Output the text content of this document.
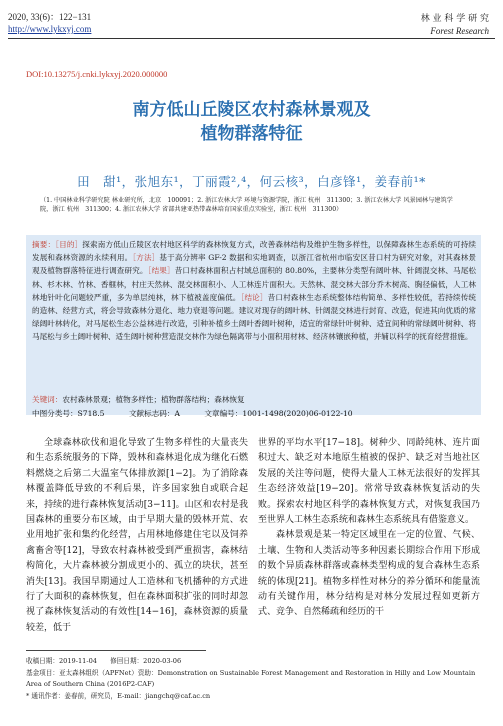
2020, 33(6)：122−131
http://www.lykxyj.com
林 业 科 学 研 究
Forest Research
DOI:10.13275/j.cnki.lykxyj.2020.000000
南方低山丘陵区农村森林景观及
植物群落特征
田　甜¹，张旭东¹，丁丽霞²,⁴，何云核³，白彦锋¹，姜春前¹*
（1. 中国林业科学研究院 林业研究所，北京　100091；2. 浙江农林大学 环境与资源学院，浙江 杭州　311300；3. 浙江农林大学 风景园林与建筑学院，浙江 杭州　311300；4. 浙江农林大学 省部共建亚热带森林培育国家重点实验室，浙江 杭州　311300）
摘要：［目的］探索南方低山丘陵区农村地区科学的森林恢复方式，改善森林结构及维护生物多样性，以保障森林生态系统的可持续发展和森林资源的永续利用。［方法］基于高分辨率 GF-2 数据和实地调查，以浙江省杭州市临安区昔口村为研究对象，对其森林景观及植物群落特征进行调查研究。［结果］昔口村森林面积占村域总面积的 80.80%，主要林分类型有阔叶林、针阔混交林、马尾松林、杉木林、竹林、香榧林，村庄天然林、混交林面积小、人工林连片面积大。天然林、混交林大部分乔木树高、胸径偏低，人工林林地针叶化问题较严重，多为单层纯林，林下植被盖度偏低。［结论］昔口村森林生态系统整体结构简单、多样性较低，若持续传统的造林、经营方式，将会导致森林分退化、地力衰退等问题。建议对现存的阔叶林、针阔混交林进行封育、改造，促进其向优质的常绿阔叶林转化，对马尾松生态公益林进行改造，引种补植乡土阔叶香阔叶树种，适宜的常绿针叶树种、适宜间种的常绿阔叶树种、将马尾松与乡土阔叶树种、适生阔叶树种营造混交林作为绿色隔离带与小面积用材林、经济林镶嵌种植，并辅以科学的抚育经营措施。
关键词：农村森林景观；植物多样性；植物群落结构；森林恢复
中图分类号：S718.5	文献标志码：A	文章编号：1001-1498(2020)06-0122-10

全球森林砍伐和退化导致了生物多样性的大量丧失和生态系统服务的下降，毁林和森林退化成为继化石燃料燃烧之后第二大温室气体排放源[1−2]。为了消除森林覆盖降低导致的不利后果，许多国家独自或联合起来，持续的进行森林恢复活动[3−11]。山区和农村是我国森林的重要分布区域，由于早期大量的毁林开荒、农业用地扩张和集约化经营，占用林地修建住宅以及饲养禽畜舍等[12]，导致农村森林被受到严重损害，森林结构简化，大片森林被分割成更小的、孤立的块状，甚至消失[13]。我国早期通过人工造林和飞机播种的方式进行了大面积的森林恢复，但在森林面积扩张的同时却忽视了森林恢复活动的有效性[14−16]，森林资源的质量较差，低于

世界的平均水平[17−18]。树种少、同龄纯林、连片面积过大、缺乏对本地原生植被的保护、缺乏对当地社区发展的关注等问题，使得大量人工林无法很好的发挥其生态经济效益[19−20]。常常导致森林恢复活动的失败。探索农村地区科学的森林恢复方式，对恢复我国乃至世界人工林生态系统和森林生态系统具有借鉴意义。

森林景观是某一特定区域里在一定的位置、气候、土壤、生物和人类活动等多种因素长期综合作用下形成的数个异质森林群落或森林类型构成的复合森林生态系统的体现[21]。植物多样性对林分的养分循环和能量流动有关键作用，林分结构是对林分发展过程如更新方式、竞争、自然稀疏和经历的干

收稿日期：2019-11-04　　修回日期：2020-03-06
基金项目：亚太森林组织（APFNet）资助：Demonstration on Sustainable Forest Management and Restoration in Hilly and Low Mountain Area of Southern China (2016P2-CAF)
* 通讯作者：姜春前，研究员，E-mail：jiangchq@caf.ac.cn
